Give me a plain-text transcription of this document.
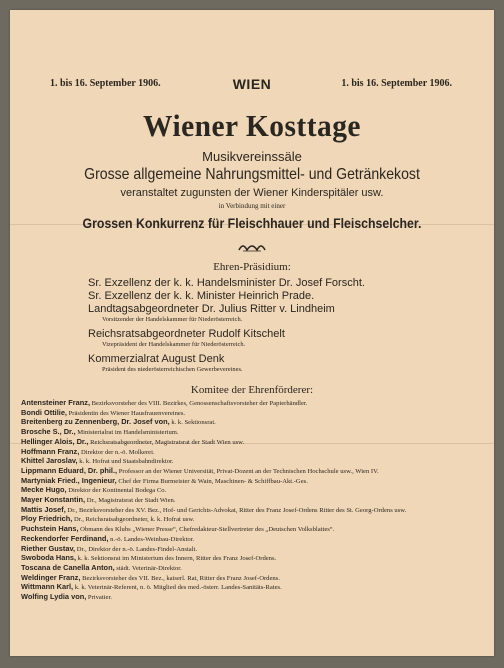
1. bis 16. September 1906.	WIEN	1. bis 16. September 1906.
Wiener Kosttage
Musikvereinssäle
Grosse allgemeine Nahrungsmittel- und Getränkekost
veranstaltet zugunsten der Wiener Kinderspitäler usw.
in Verbindung mit einer
Grossen Konkurrenz für Fleischhauer und Fleischselcher.
Ehren-Präsidium:
Sr. Exzellenz der k. k. Handelsminister Dr. Josef Forscht.
Sr. Exzellenz der k. k. Minister Heinrich Prade.
Landtagsabgeordneter Dr. Julius Ritter v. Lindheim
Vorsitzender der Handelskammer für Niederösterreich.
Reichsratsabgeordneter Rudolf Kitschelt
Vizepräsident der Handelskammer für Niederösterreich.
Kommerzialrat August Denk
Präsident des niederösterreichischen Gewerbevereines.
Komitee der Ehrenförderer:
Antensteiner Franz, Bezirksvorsteher des VIII. Bezirkes, Genossenschaftsvorsteher der Papierhändler.
Bondi Ottilie, Präsidentin des Wiener Hausfrauenvereines.
Breitenberg zu Zennenberg, Dr. Josef von, k. k. Sektionsrat.
Brosche S., Dr., Ministerialrat im Handelsministerium.
Hellinger Alois, Dr., Reichsratsabgeordneter, Magistratsrat der Stadt Wien usw.
Hoffmann Franz, Direktor der n.-ö. Molkerei.
Khittel Jaroslav, k. k. Hofrat und Staatsbahndirektor.
Lippmann Eduard, Dr. phil., Professor an der Wiener Universität, Privat-Dozent an der Technischen Hochschule usw., Wien IV.
Martyniak Fried., Ingenieur, Chef der Firma Burmeister & Wain, Maschinen- & Schiffbau-Akt.-Ges.
Mecke Hugo, Direktor der Kontinental Bodega Co.
Mayer Konstantin, Dr., Magistratsrat der Stadt Wien.
Mattis Josef, Dr., Bezirksvorsteher des XV. Bez., Hof- und Gerichts-Advokat, Ritter des Franz Josef-Ordens Ritter des St. Georg-Ordens usw.
Ploy Friedrich, Dr., Reichsratsabgeordneter, k. k. Hofrat usw.
Puchstein Hans, Obmann des Klubs „Wiener Presse“, Chefredakteur-Stellvertreter des „Deutschen Volksblattes“.
Reckendorfer Ferdinand, n.-ö. Landes-Weinbau-Direktor.
Riether Gustav, Dr., Direktor der n.-ö. Landes-Findel-Anstalt.
Swoboda Hans, k. k. Sektionsrat im Ministerium des Innern, Ritter des Franz Josef-Ordens.
Toscana de Canella Anton, städt. Veterinär-Direktor.
Weldinger Franz, Bezirksvorsteher des VII. Bez., kaiserl. Rat, Ritter des Franz Josef-Ordens.
Wittmann Karl, k. k. Veterinär-Referent, n. ö. Mitglied des med.-österr. Landes-Sanitäts-Rates.
Wolfing Lydia von, Privatier.
